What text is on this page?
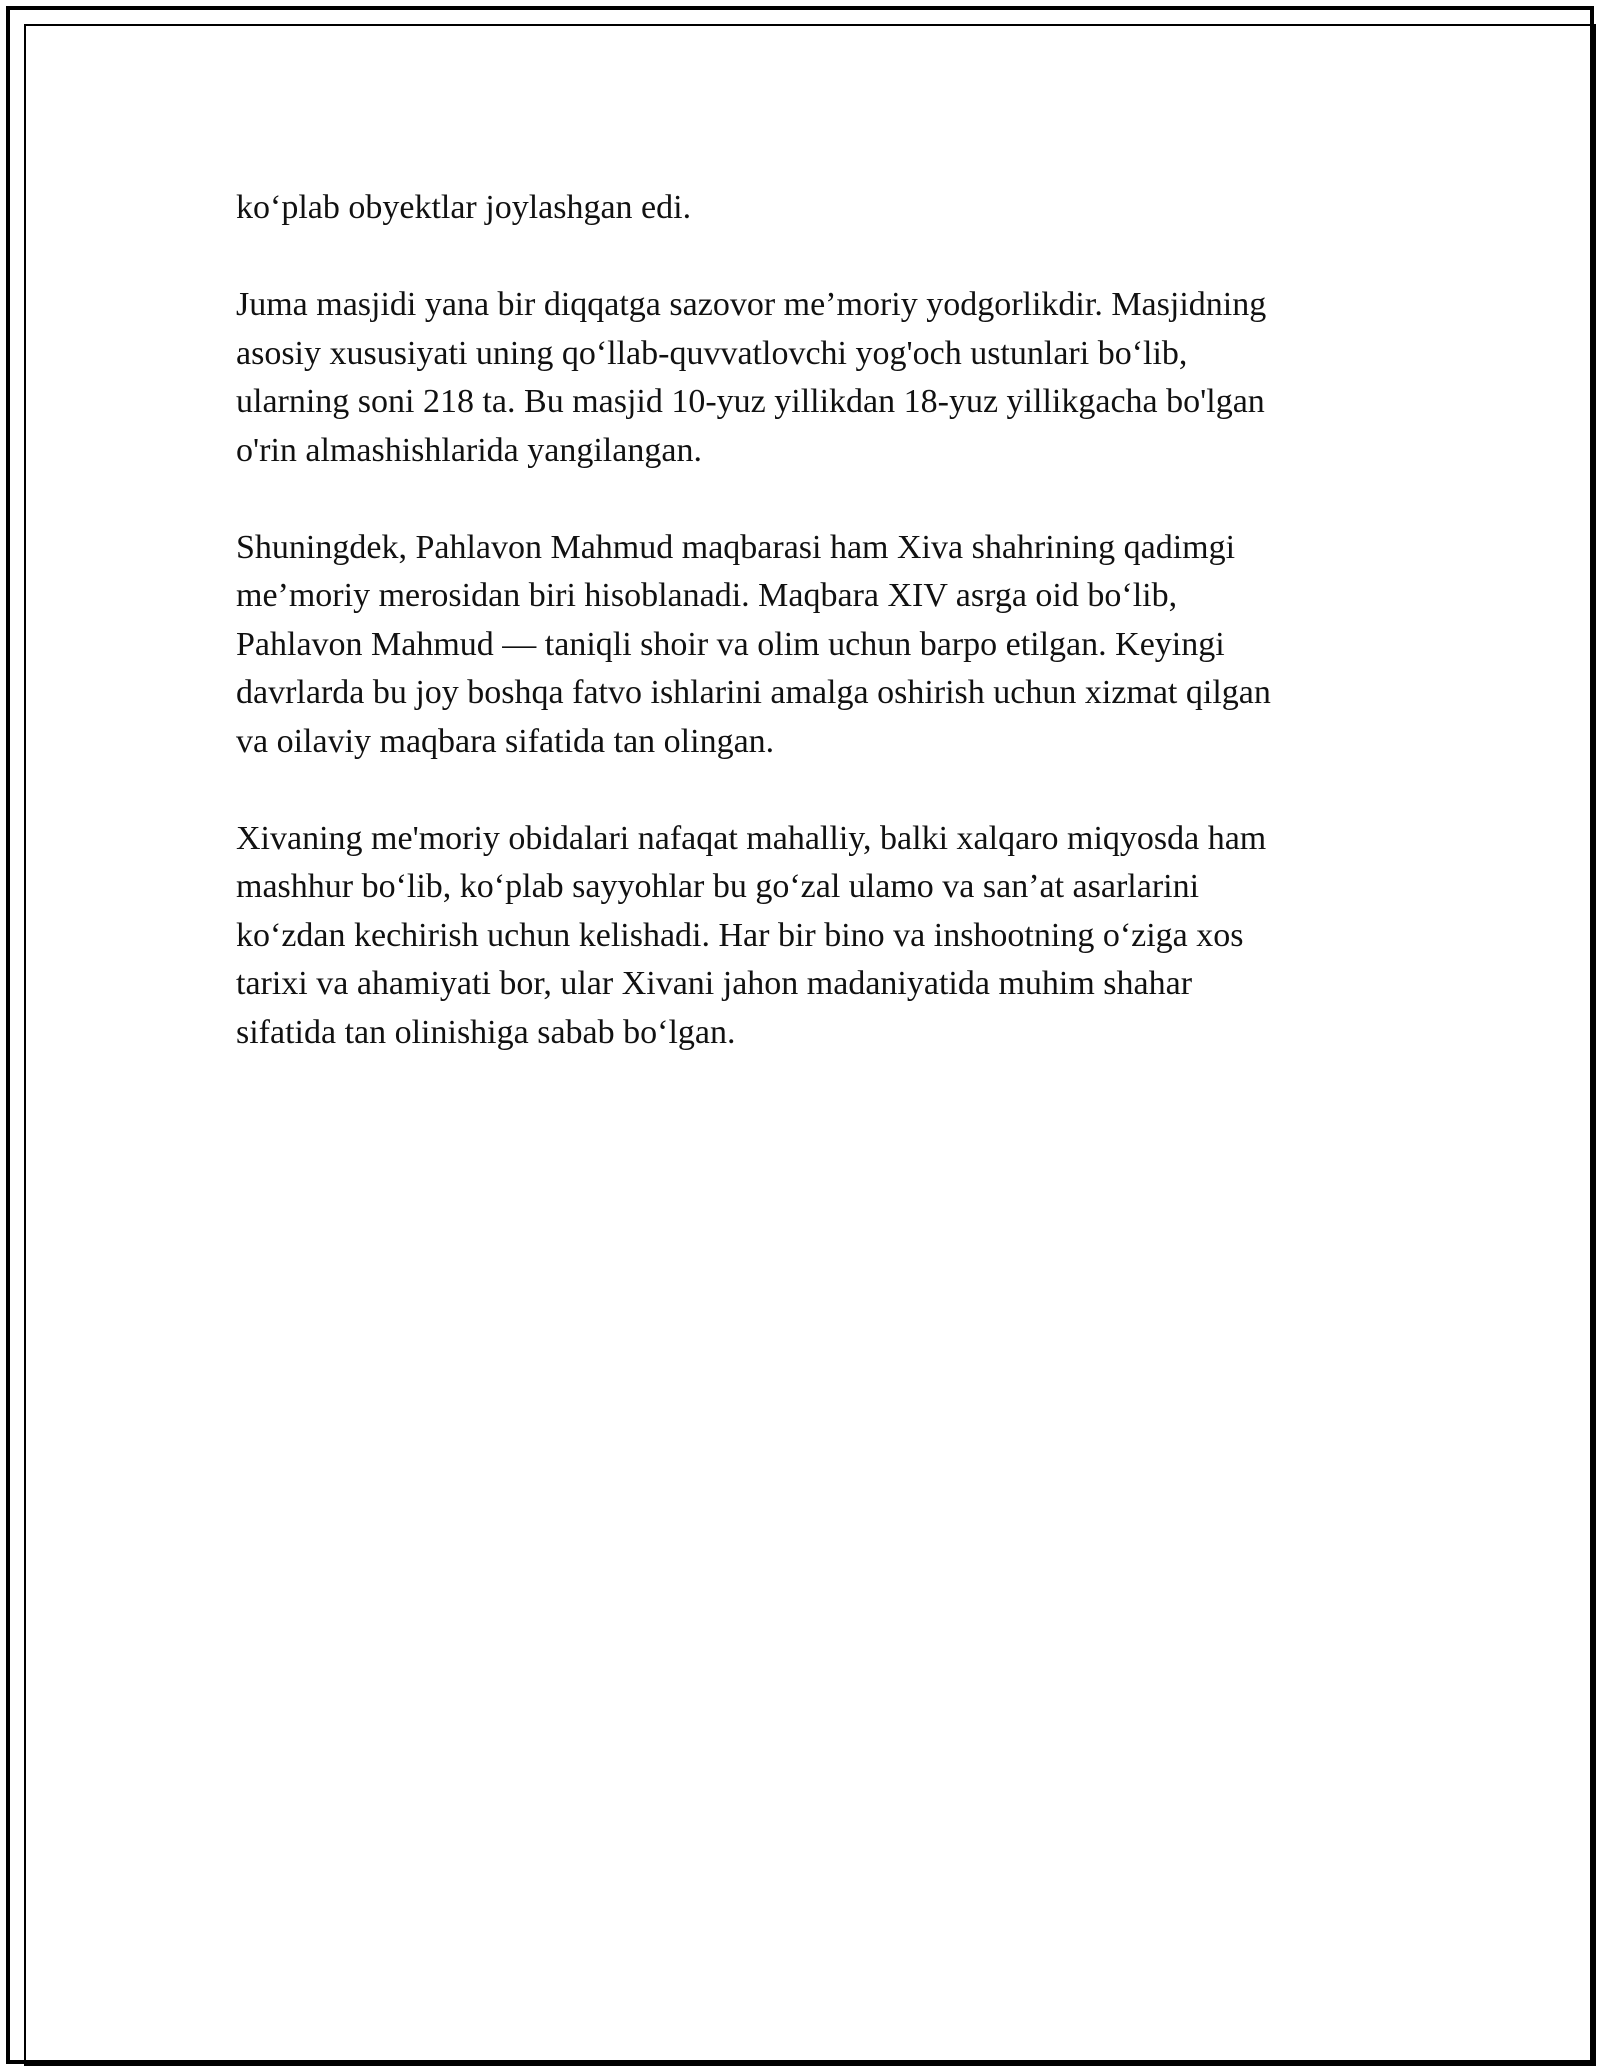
ko‘plab obyektlar joylashgan edi.

Juma masjidi yana bir diqqatga sazovor me’moriy yodgorlikdir. Masjidning
asosiy xususiyati uning qo‘llab-quvvatlovchi yog'och ustunlari bo‘lib,
ularning soni 218 ta. Bu masjid 10-yuz yillikdan 18-yuz yillikgacha bo'lgan
o'rin almashishlarida yangilangan.

Shuningdek, Pahlavon Mahmud maqbarasi ham Xiva shahrining qadimgi
me’moriy merosidan biri hisoblanadi. Maqbara XIV asrga oid bo‘lib,
Pahlavon Mahmud — taniqli shoir va olim uchun barpo etilgan. Keyingi
davrlarda bu joy boshqa fatvo ishlarini amalga oshirish uchun xizmat qilgan
va oilaviy maqbara sifatida tan olingan.

Xivaning me'moriy obidalari nafaqat mahalliy, balki xalqaro miqyosda ham
mashhur bo‘lib, ko‘plab sayyohlar bu go‘zal ulamo va san’at asarlarini
ko‘zdan kechirish uchun kelishadi. Har bir bino va inshootning o‘ziga xos
tarixi va ahamiyati bor, ular Xivani jahon madaniyatida muhim shahar
sifatida tan olinishiga sabab bo‘lgan.
